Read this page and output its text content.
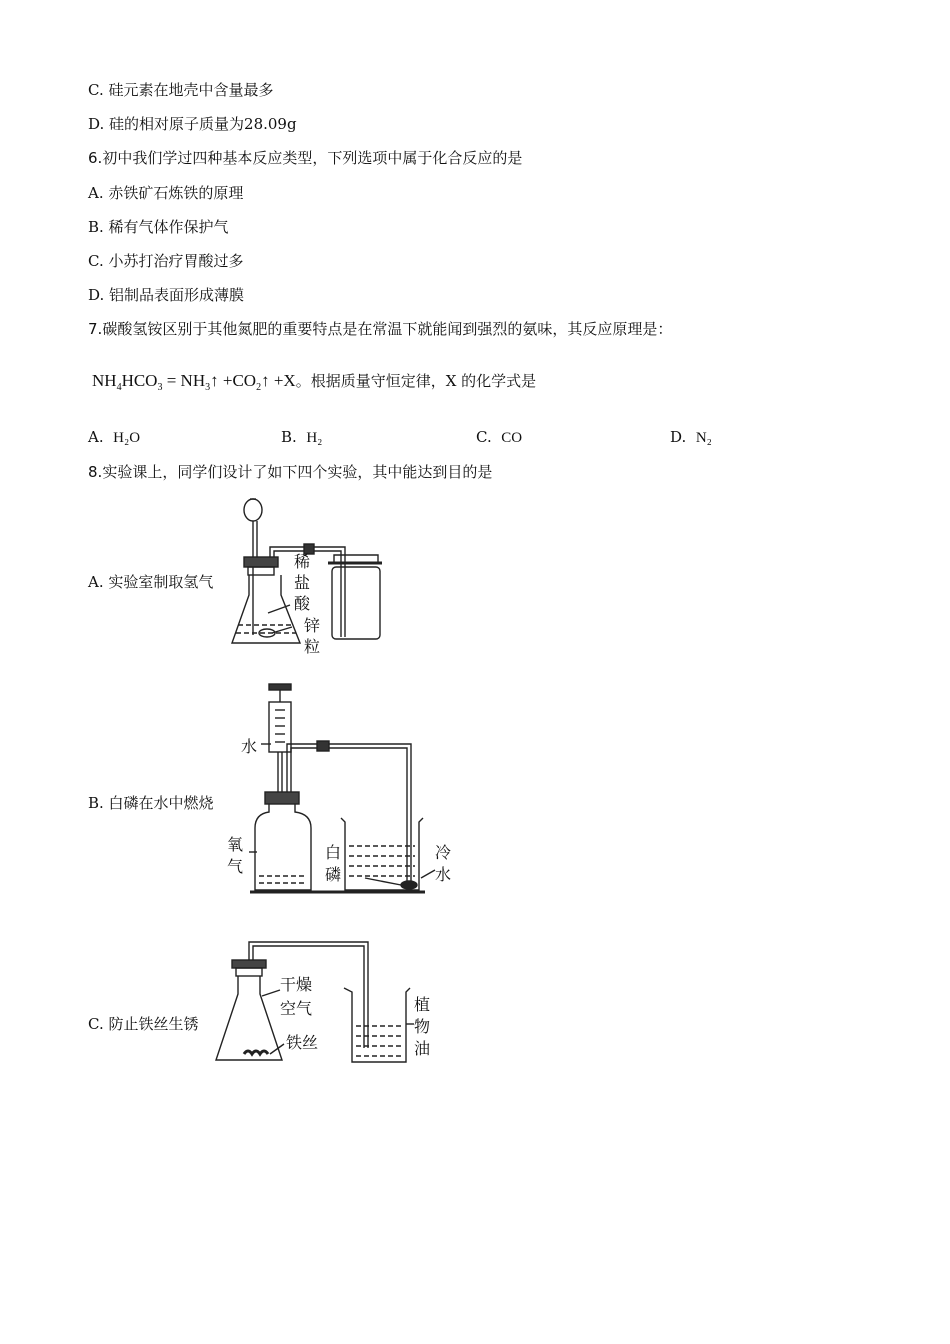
C. 硅元素在地壳中含量最多
D. 硅的相对原子质量为28.09g
6.初中我们学过四种基本反应类型，下列选项中属于化合反应的是
A. 赤铁矿石炼铁的原理
B. 稀有气体作保护气
C. 小苏打治疗胃酸过多
D. 铝制品表面形成薄膜
7.碳酸氢铵区别于其他氮肥的重要特点是在常温下就能闻到强烈的氨味，其反应原理是：
$NH_4HCO_3$ = $NH_3↑$ $+CO_2↑ +X$。根据质量守恒定律，X 的化学式是
A. H₂O	B. H₂	C. CO	D. N₂
8.实验课上，同学们设计了如下四个实验，其中能达到目的是
A. 实验室制取氢气
稀
盐
酸
锌
粒
B. 白磷在水中燃烧
水
氧
气
白
磷
冷
水
C. 防止铁丝生锈
干燥
空气
铁丝
植
物
油
